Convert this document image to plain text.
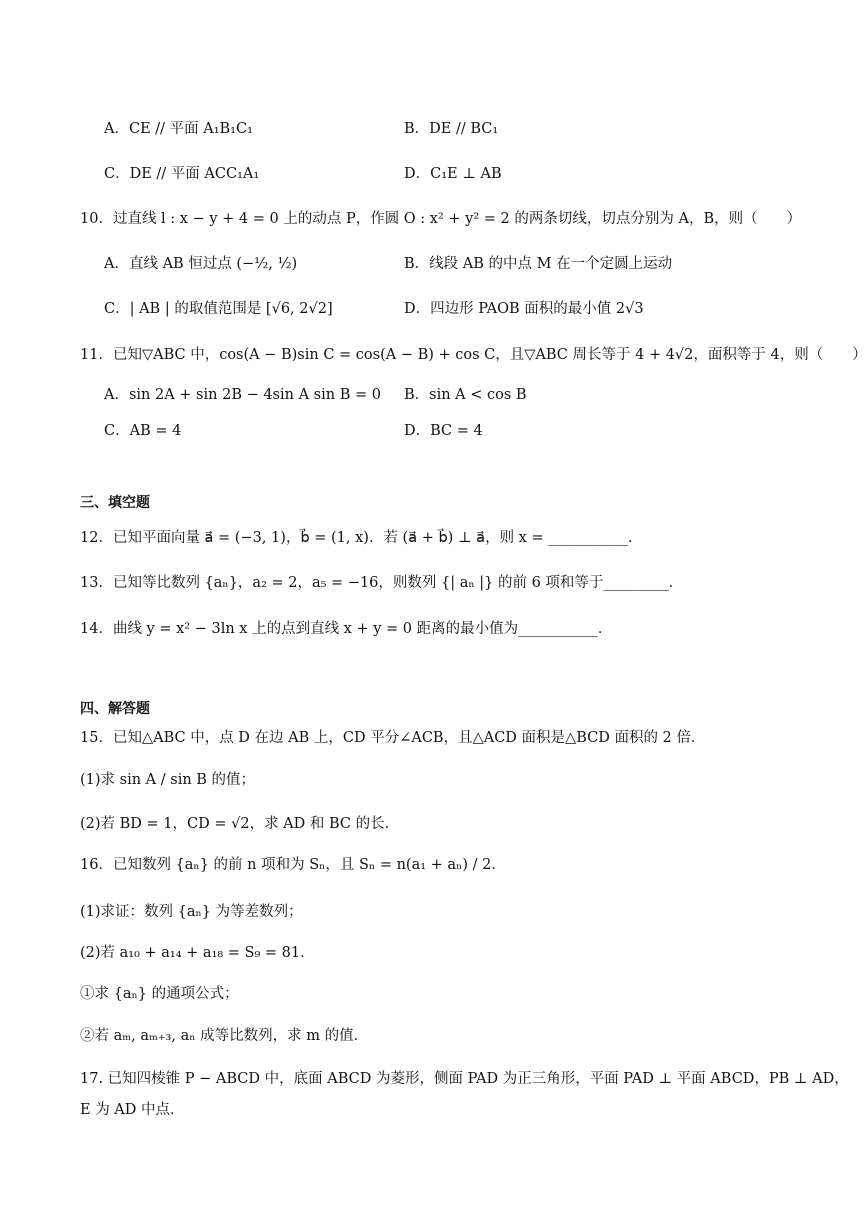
A．CE // 平面 A₁B₁C₁	B．DE // BC₁
C．DE // 平面 ACC₁A₁	D．C₁E ⊥ AB
10．过直线 l : x − y + 4 = 0 上的动点 P，作圆 O : x² + y² = 2 的两条切线，切点分别为 A，B，则（　　）
A．直线 AB 恒过点 (−½, ½)	B．线段 AB 的中点 M 在一个定圆上运动
C．| AB | 的取值范围是 [√6, 2√2]	D．四边形 PAOB 面积的最小值 2√3
11．已知▽ABC 中，cos(A − B)sin C = cos(A − B) + cos C，且▽ABC 周长等于 4 + 4√2，面积等于 4，则（　　）
A．sin 2A + sin 2B − 4sin A sin B = 0 B．sin A < cos B
C．AB = 4	D．BC = 4
三、填空题
12．已知平面向量 a⃗ = (−3, 1)，b⃗ = (1, x)．若 (a⃗ + b⃗) ⊥ a⃗，则 x = ___________．
13．已知等比数列 {aₙ}，a₂ = 2，a₅ = −16，则数列 {| aₙ |} 的前 6 项和等于_________．
14．曲线 y = x² − 3ln x 上的点到直线 x + y = 0 距离的最小值为___________．
四、解答题
15．已知△ABC 中，点 D 在边 AB 上，CD 平分∠ACB，且△ACD 面积是△BCD 面积的 2 倍．
(1)求 sin A / sin B 的值；
(2)若 BD = 1，CD = √2，求 AD 和 BC 的长．
16．已知数列 {aₙ} 的前 n 项和为 Sₙ，且 Sₙ = n(a₁ + aₙ) / 2．
(1)求证：数列 {aₙ} 为等差数列；
(2)若 a₁₀ + a₁₄ + a₁₈ = S₉ = 81．
①求 {aₙ} 的通项公式；
②若 aₘ, aₘ₊₃, aₙ 成等比数列，求 m 的值．
17. 已知四棱锥 P − ABCD 中，底面 ABCD 为菱形，侧面 PAD 为正三角形，平面 PAD ⊥ 平面 ABCD，PB ⊥ AD，
E 为 AD 中点．
